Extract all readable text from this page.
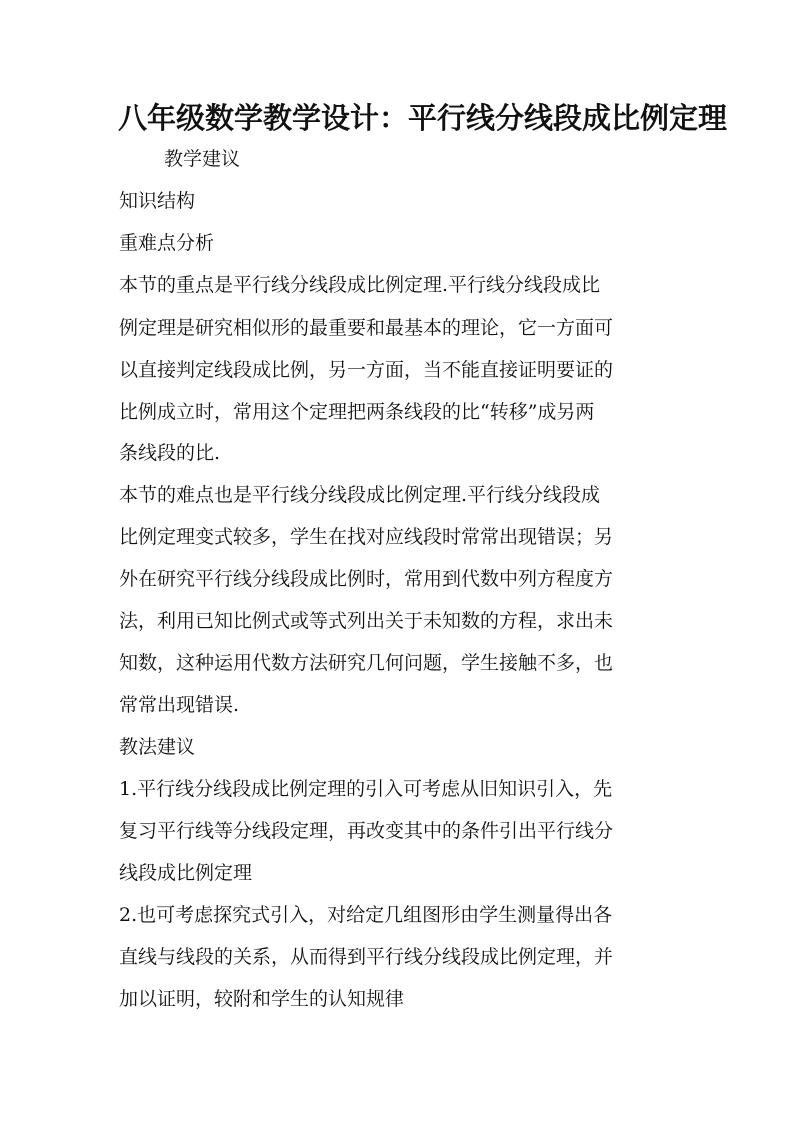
八年级数学教学设计：平行线分线段成比例定理
教学建议
知识结构
重难点分析
本节的重点是平行线分线段成比例定理.平行线分线段成比
例定理是研究相似形的最重要和最基本的理论，它一方面可
以直接判定线段成比例，另一方面，当不能直接证明要证的
比例成立时，常用这个定理把两条线段的比“转移”成另两
条线段的比.
本节的难点也是平行线分线段成比例定理.平行线分线段成
比例定理变式较多，学生在找对应线段时常常出现错误；另
外在研究平行线分线段成比例时，常用到代数中列方程度方
法，利用已知比例式或等式列出关于未知数的方程，求出未
知数，这种运用代数方法研究几何问题，学生接触不多，也
常常出现错误.
教法建议
1.平行线分线段成比例定理的引入可考虑从旧知识引入，先
复习平行线等分线段定理，再改变其中的条件引出平行线分
线段成比例定理
2.也可考虑探究式引入，对给定几组图形由学生测量得出各
直线与线段的关系，从而得到平行线分线段成比例定理，并
加以证明，较附和学生的认知规律
